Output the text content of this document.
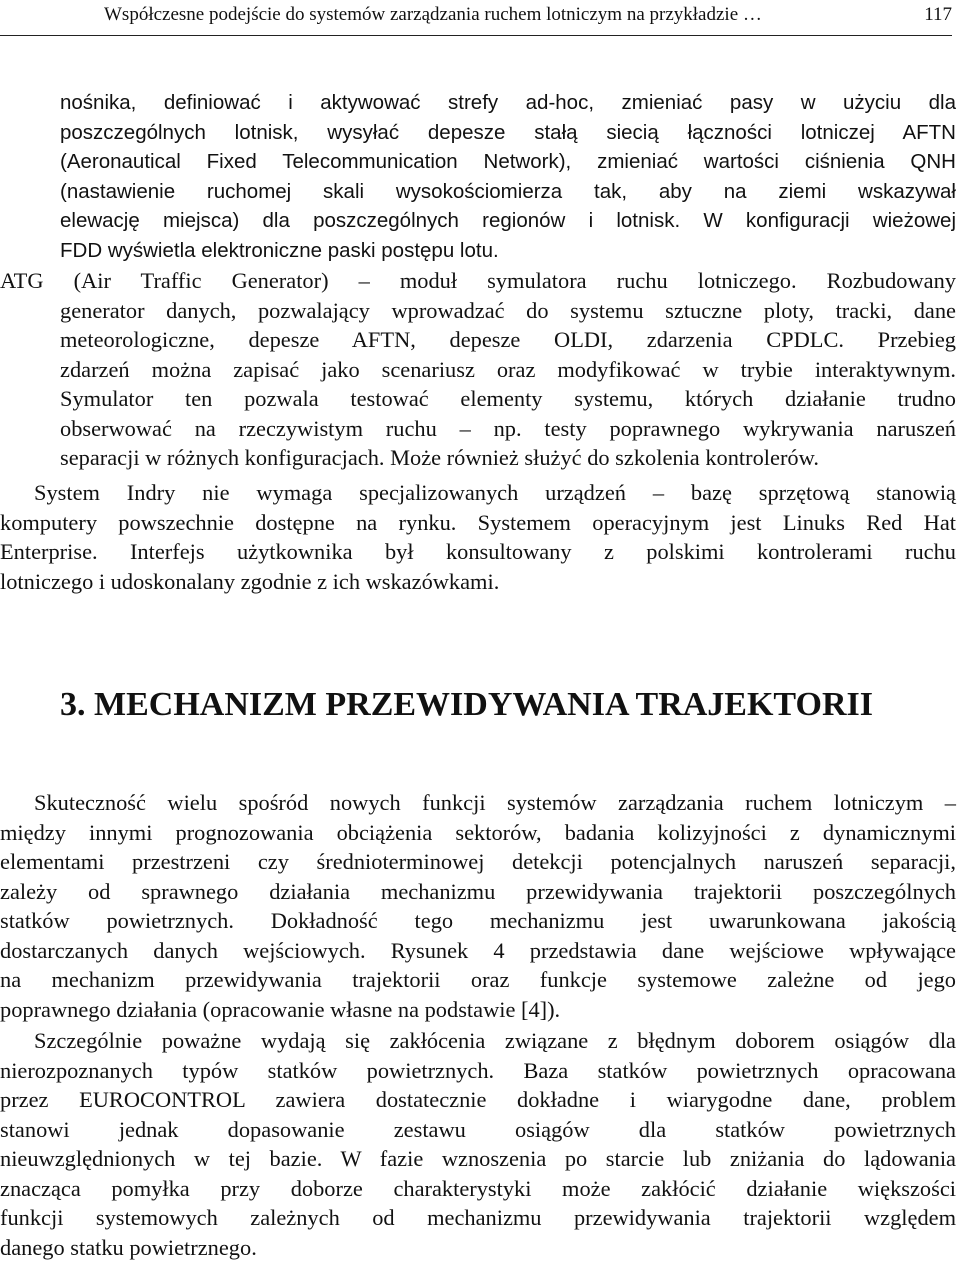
Współczesne podejście do systemów zarządzania ruchem lotniczym na przykładzie …	117
nośnika, definiować i aktywować strefy ad-hoc, zmieniać pasy w użyciu dla
poszczególnych lotnisk, wysyłać depesze stałą siecią łączności lotniczej AFTN
(Aeronautical Fixed Telecommunication Network), zmieniać wartości ciśnienia QNH
(nastawienie ruchomej skali wysokościomierza tak, aby na ziemi wskazywał
elewację miejsca) dla poszczególnych regionów i lotnisk. W konfiguracji wieżowej
FDD wyświetla elektroniczne paski postępu lotu.
ATG (Air Traffic Generator) – moduł symulatora ruchu lotniczego. Rozbudowany
generator danych, pozwalający wprowadzać do systemu sztuczne ploty, tracki, dane
meteorologiczne, depesze AFTN, depesze OLDI, zdarzenia CPDLC. Przebieg
zdarzeń można zapisać jako scenariusz oraz modyfikować w trybie interaktywnym.
Symulator ten pozwala testować elementy systemu, których działanie trudno
obserwować na rzeczywistym ruchu – np. testy poprawnego wykrywania naruszeń
separacji w różnych konfiguracjach. Może również służyć do szkolenia kontrolerów.
System Indry nie wymaga specjalizowanych urządzeń – bazę sprzętową stanowią
komputery powszechnie dostępne na rynku. Systemem operacyjnym jest Linuks Red Hat
Enterprise. Interfejs użytkownika był konsultowany z polskimi kontrolerami ruchu
lotniczego i udoskonalany zgodnie z ich wskazówkami.
3. MECHANIZM PRZEWIDYWANIA TRAJEKTORII
Skuteczność wielu spośród nowych funkcji systemów zarządzania ruchem lotniczym –
między innymi prognozowania obciążenia sektorów, badania kolizyjności z dynamicznymi
elementami przestrzeni czy średnioterminowej detekcji potencjalnych naruszeń separacji,
zależy od sprawnego działania mechanizmu przewidywania trajektorii poszczególnych
statków powietrznych. Dokładność tego mechanizmu jest uwarunkowana jakością
dostarczanych danych wejściowych. Rysunek 4 przedstawia dane wejściowe wpływające
na mechanizm przewidywania trajektorii oraz funkcje systemowe zależne od jego
poprawnego działania (opracowanie własne na podstawie [4]).
Szczególnie poważne wydają się zakłócenia związane z błędnym doborem osiągów dla
nierozpoznanych typów statków powietrznych. Baza statków powietrznych opracowana
przez EUROCONTROL zawiera dostatecznie dokładne i wiarygodne dane, problem
stanowi jednak dopasowanie zestawu osiągów dla statków powietrznych
nieuwzględnionych w tej bazie. W fazie wznoszenia po starcie lub zniżania do lądowania
znacząca pomyłka przy doborze charakterystyki może zakłócić działanie większości
funkcji systemowych zależnych od mechanizmu przewidywania trajektorii względem
danego statku powietrznego.
